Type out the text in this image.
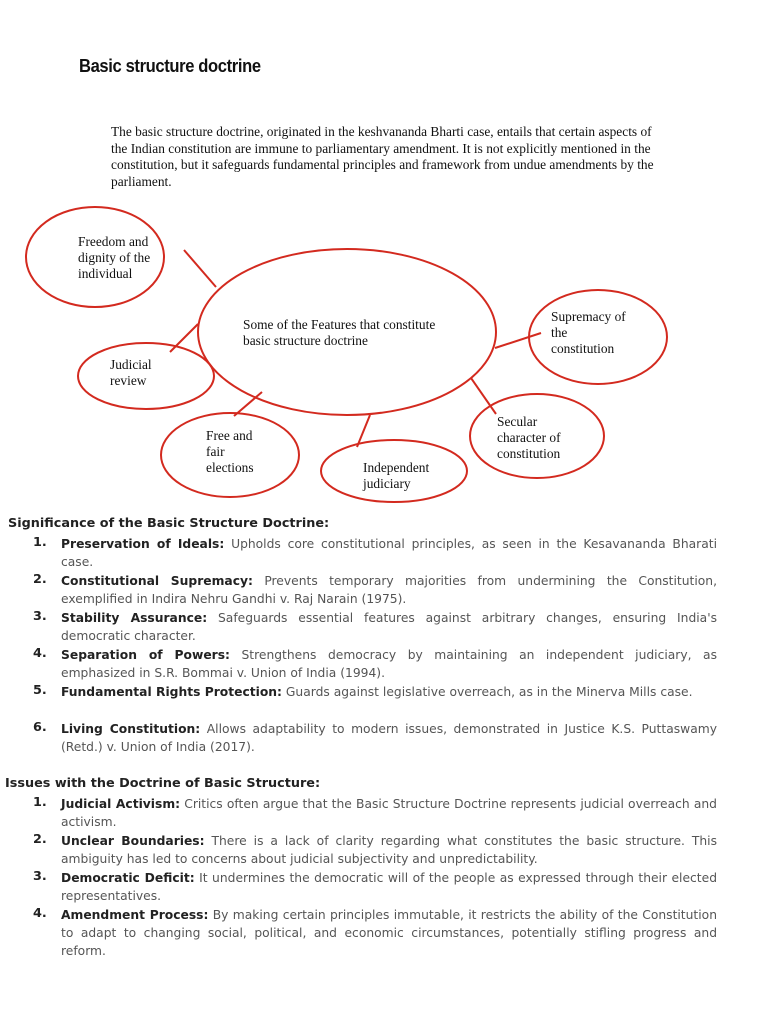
Basic structure doctrine
The basic structure doctrine, originated in the keshvananda Bharti case, entails that certain aspects of the Indian constitution are immune to parliamentary amendment. It is not explicitly mentioned in the constitution, but it safeguards fundamental principles and framework from undue amendments by the parliament.
Some of the Features that constitute
basic structure doctrine
Freedom and
dignity of the
individual
Judicial
review
Free and
fair
elections	Independent
judiciary
Secular
character of
constitution
Supremacy of
the
constitution
Significance of the Basic Structure Doctrine:
1.	Preservation of Ideals: Upholds core constitutional principles, as seen in the Kesavananda Bharati case.
2.	Constitutional Supremacy: Prevents temporary majorities from undermining the Constitution, exemplified in Indira Nehru Gandhi v. Raj Narain (1975).
3.	Stability Assurance: Safeguards essential features against arbitrary changes, ensuring India's democratic character.
4.	Separation of Powers: Strengthens democracy by maintaining an independent judiciary, as emphasized in S.R. Bommai v. Union of India (1994).
5.	Fundamental Rights Protection: Guards against legislative overreach, as in the Minerva Mills case.
6.	Living Constitution: Allows adaptability to modern issues, demonstrated in Justice K.S. Puttaswamy (Retd.) v. Union of India (2017).
Issues with the Doctrine of Basic Structure:
1.	Judicial Activism: Critics often argue that the Basic Structure Doctrine represents judicial overreach and activism.
2.	Unclear Boundaries: There is a lack of clarity regarding what constitutes the basic structure. This ambiguity has led to concerns about judicial subjectivity and unpredictability.
3.	Democratic Deficit: It undermines the democratic will of the people as expressed through their elected representatives.
4.	Amendment Process: By making certain principles immutable, it restricts the ability of the Constitution to adapt to changing social, political, and economic circumstances, potentially stifling progress and reform.
